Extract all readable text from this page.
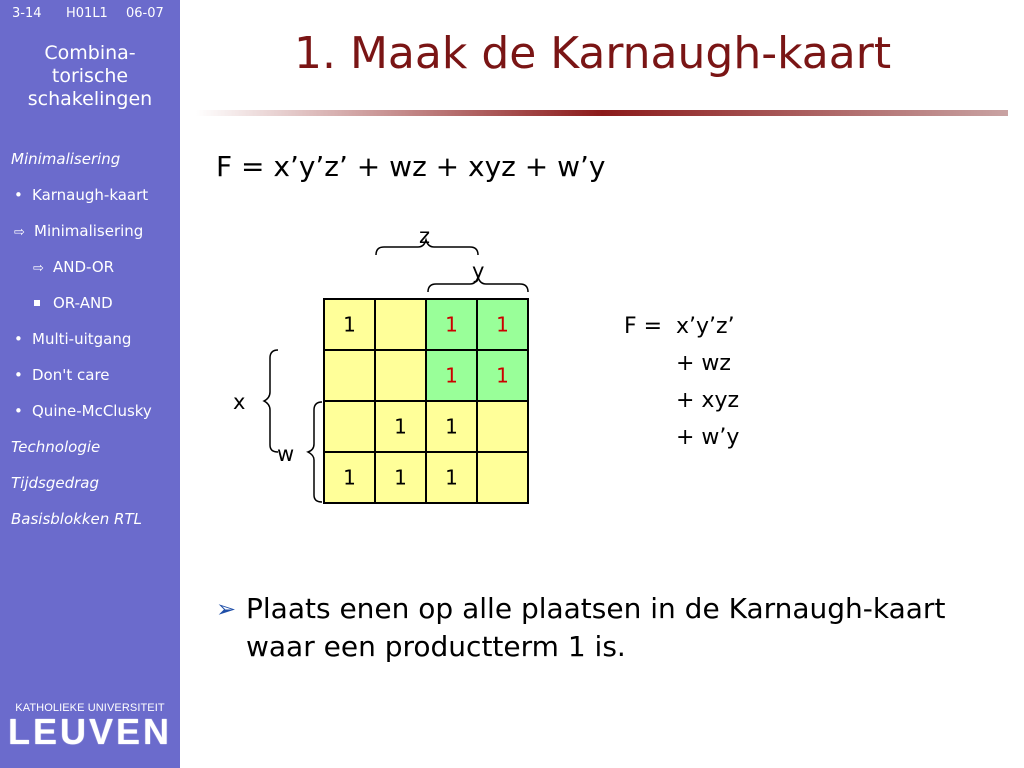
3-14 H01L1 06-07
Combina-
torische
schakelingen
Minimalisering
• Karnaugh-kaart
⇨ Minimalisering
⇨ AND-OR
OR-AND
• Multi-uitgang
• Don't care
• Quine-McClusky
Technologie
Tijdsgedrag
Basisblokken RTL
KATHOLIEKE UNIVERSITEIT
LEUVEN
1. Maak de Karnaugh-kaart
F = x’y’z’ + wz + xyz + w’y
1	1 1
1 1
1 1
1 1 1
z
y
x
w
F = x’y’z’
+ wz
+ xyz
+ w’y
➢ Plaats enen op alle plaatsen in de Karnaugh-kaart waar een productterm 1 is.
